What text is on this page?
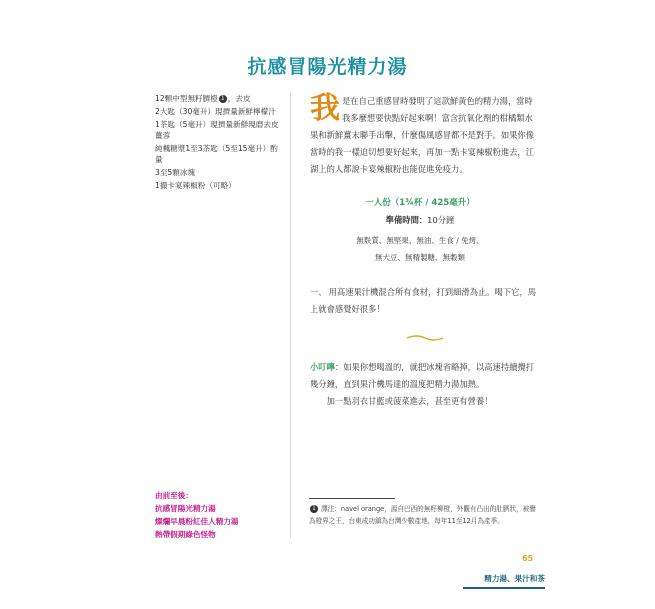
抗感冒陽光精力湯
12顆中型無籽臍橙 1 ，去皮
2大匙（30毫升）現擠量新鮮檸檬汁
1茶匙（5毫升）現擠量新鮮現磨去皮薑蓉
純楓糖漿1至3茶匙（5至15毫升）酌量
3至5顆冰塊
1撮卡宴辣椒粉（可略）
我是在自己重感冒時發明了這款鮮黃色的精力湯，當時我多麼想要快點好起來啊！富含抗氧化劑的柑橘類水果和新鮮薑末聯手出擊，什麼傷風感冒都不是對手。如果你像當時的我一樣迫切想要好起來，再加一點卡宴辣椒粉進去，江湖上的人都說卡宴辣椒粉也能促進免疫力。
一人份（1¾杯 / 425毫升）
準備時間：10分鐘
無麩質、無堅果、無油、生食 / 免烤、
無大豆、無精製糖、無穀類
一、 用高速果汁機混合所有食材，打到細滑為止。喝下它，馬上就會感覺好很多！

小叮嚀：如果你想喝溫的，就把冰塊省略掉，以高速持續攪打幾分鐘，直到果汁機馬達的溫度把精力湯加熱。

加一點羽衣甘藍或菠菜進去，甚至更有營養！

由前至後：
抗感冒陽光精力湯
燦爛早晨粉紅佳人精力湯
熱帶假期綠色怪物
1 譯注：navel orange，源自巴西的無籽柳橙，外觀有凸出的肚臍狀，被譽為橙界之王，台東成功鎮為台灣少數產地，每年11至12月為產季。
65
精力湯、果汁和茶
